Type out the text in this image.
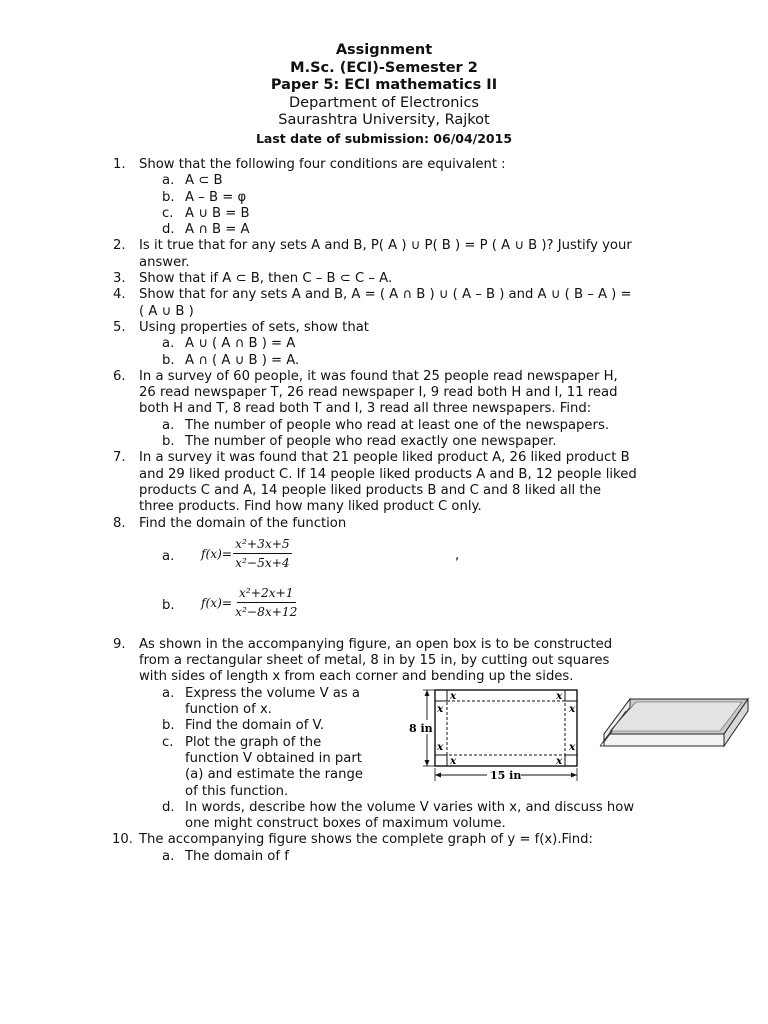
Assignment
M.Sc. (ECI)-Semester 2
Paper 5: ECI mathematics II
Department of Electronics
Saurashtra University, Rajkot
Last date of submission: 06/04/2015
1. Show that the following four conditions are equivalent :
a. A ⊂ B
b. A – B = φ
c. A ∪ B = B
d. A ∩ B = A
2. Is it true that for any sets A and B, P( A ) ∪ P( B ) = P ( A ∪ B )? Justify your
answer.
3. Show that if A ⊂ B, then C – B ⊂ C – A.
4. Show that for any sets A and B, A = ( A ∩ B ) ∪ ( A – B ) and A ∪ ( B – A ) =
( A ∪ B )
5. Using properties of sets, show that
a. A ∪ ( A ∩ B ) = A
b. A ∩ ( A ∪ B ) = A.
6. In a survey of 60 people, it was found that 25 people read newspaper H,
26 read newspaper T, 26 read newspaper I, 9 read both H and I, 11 read
both H and T, 8 read both T and I, 3 read all three newspapers. Find:
a. The number of people who read at least one of the newspapers.
b. The number of people who read exactly one newspaper.
7. In a survey it was found that 21 people liked product A, 26 liked product B
and 29 liked product C. If 14 people liked products A and B, 12 people liked
products C and A, 14 people liked products B and C and 8 liked all the
three products. Find how many liked product C only.
8. Find the domain of the function
a. $f(x)= \frac{\text{x²+3x+5}}{\text{x²−5x+4}}$	,
b. $f(x)= \frac{\text{x²+2x+1}}{\text{x²−8x+12}}$
9. As shown in the accompanying figure, an open box is to be constructed
from a rectangular sheet of metal, 8 in by 15 in, by cutting out squares
with sides of length x from each corner and bending up the sides.
a. Express the volume V as a
function of x.
b. Find the domain of V.
c. Plot the graph of the
function V obtained in part
(a) and estimate the range
of this function.
d. In words, describe how the volume V varies with x, and discuss how
one might construct boxes of maximum volume.
10. The accompanying figure shows the complete graph of y = f(x).Find:
a. The domain of f
x	x
x	x
x	x
x	x
8 in
15 in
